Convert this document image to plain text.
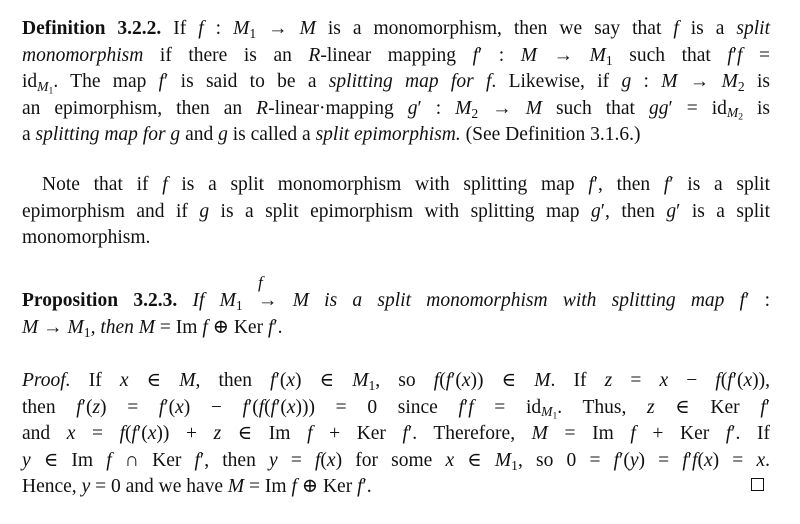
Definition 3.2.2. If f : $M_1 \to M$ is a monomorphism, then we say that f is a split
monomorphism if there is an R-linear mapping f′ : $M \to M_1$ such that f′f =
$id_{M_1}$. The map f′ is said to be a splitting map for f. Likewise, if g : $M \to M_2$ is
an epimorphism, then an R-linear·mapping g′ : $M_2 \to M$ such that $gg' = id_{M_2}$ is
a splitting map for g and g is called a split epimorphism. (See Definition 3.1.6.)
Note that if f is a split monomorphism with splitting map f′, then f′ is a split
epimorphism and if g is a split epimorphism with splitting map g′, then g′ is a split
monomorphism.
Proposition 3.2.3. If $M_1$
f
→ M is a split monomorphism with splitting map f′ :
$M \to M_1$, then M = Im f ⊕ Ker f′.
Proof. If x ∈ M, then f′(x) ∈ $M_1$, so f(f′(x)) ∈ M. If z = x − f(f′(x)),
then f′(z) = f′(x) − f′(f(f′(x))) = 0 since $f'f = id_{M_1}$. Thus, z ∈ Ker f′
and x = f(f′(x)) + z ∈ Im f + Ker f′. Therefore, M = Im f + Ker f′. If
y ∈ Im f ∩ Ker f′, then y = f(x) for some x ∈ $M_1$, so 0 = f′(y) = f′f(x) = x.
Hence, y = 0 and we have M = Im f ⊕ Ker f′.
